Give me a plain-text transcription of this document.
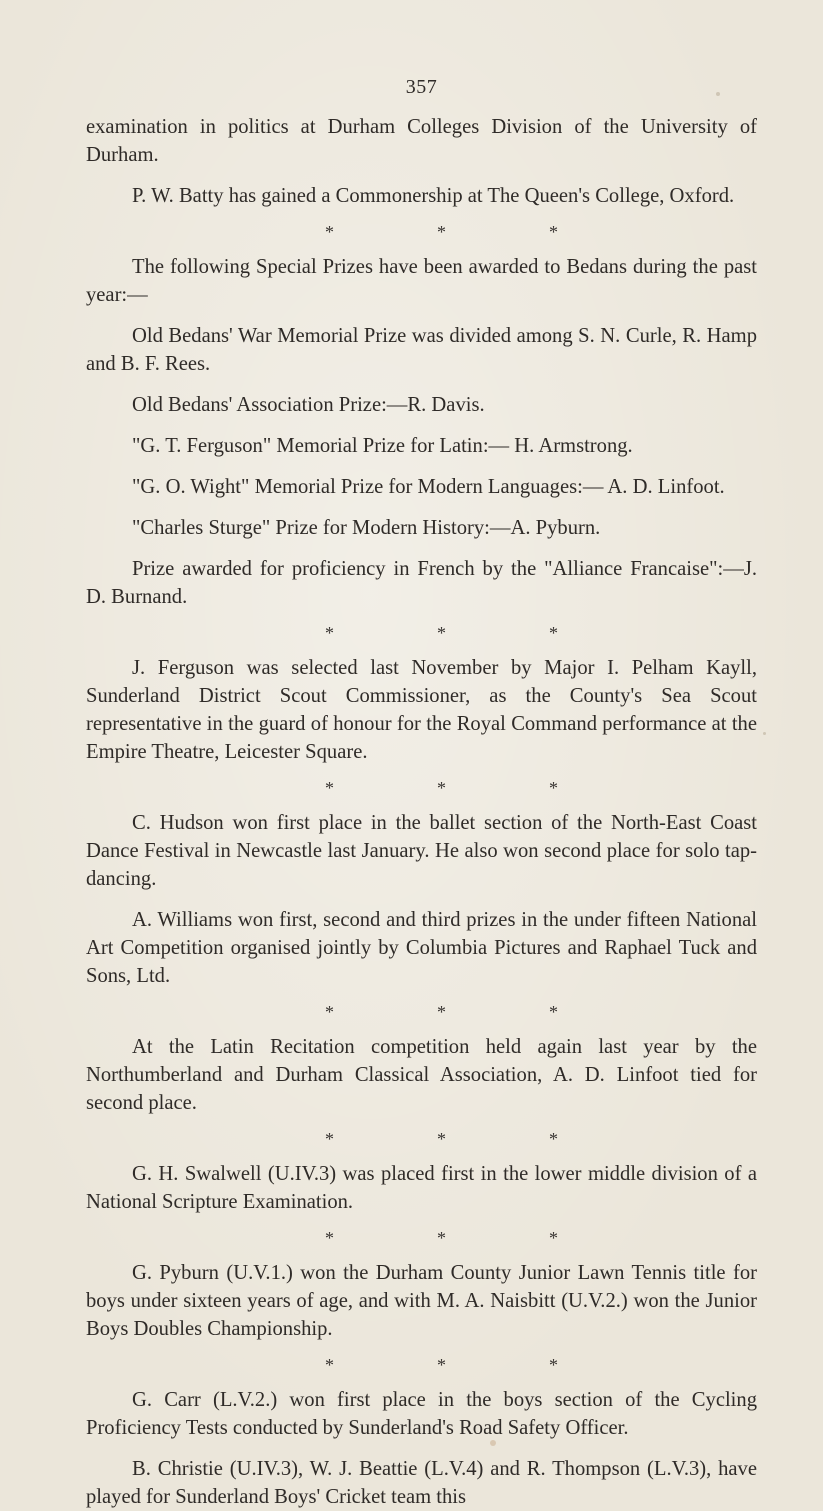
357

examination in politics at Durham Colleges Division of the University of Durham.

P. W. Batty has gained a Commonership at The Queen's College, Oxford.

*	*	*

The following Special Prizes have been awarded to Bedans during the past year:—

Old Bedans' War Memorial Prize was divided among S. N. Curle, R. Hamp and B. F. Rees.

Old Bedans' Association Prize:—R. Davis.

"G. T. Ferguson" Memorial Prize for Latin:— H. Armstrong.

"G. O. Wight" Memorial Prize for Modern Languages:— A. D. Linfoot.

"Charles Sturge" Prize for Modern History:—A. Pyburn.

Prize awarded for proficiency in French by the "Alliance Francaise":—J. D. Burnand.

*	*	*

J. Ferguson was selected last November by Major I. Pelham Kayll, Sunderland District Scout Commissioner, as the County's Sea Scout representative in the guard of honour for the Royal Command performance at the Empire Theatre, Leicester Square.

*	*	*

C. Hudson won first place in the ballet section of the North-East Coast Dance Festival in Newcastle last January. He also won second place for solo tap-dancing.

A. Williams won first, second and third prizes in the under fifteen National Art Competition organised jointly by Columbia Pictures and Raphael Tuck and Sons, Ltd.

*	*	*

At the Latin Recitation competition held again last year by the Northumberland and Durham Classical Association, A. D. Linfoot tied for second place.

*	*	*

G. H. Swalwell (U.IV.3) was placed first in the lower middle division of a National Scripture Examination.

*	*	*

G. Pyburn (U.V.1.) won the Durham County Junior Lawn Tennis title for boys under sixteen years of age, and with M. A. Naisbitt (U.V.2.) won the Junior Boys Doubles Championship.

*	*	*

G. Carr (L.V.2.) won first place in the boys section of the Cycling Proficiency Tests conducted by Sunderland's Road Safety Officer.

B. Christie (U.IV.3), W. J. Beattie (L.V.4) and R. Thompson (L.V.3), have played for Sunderland Boys' Cricket team this
